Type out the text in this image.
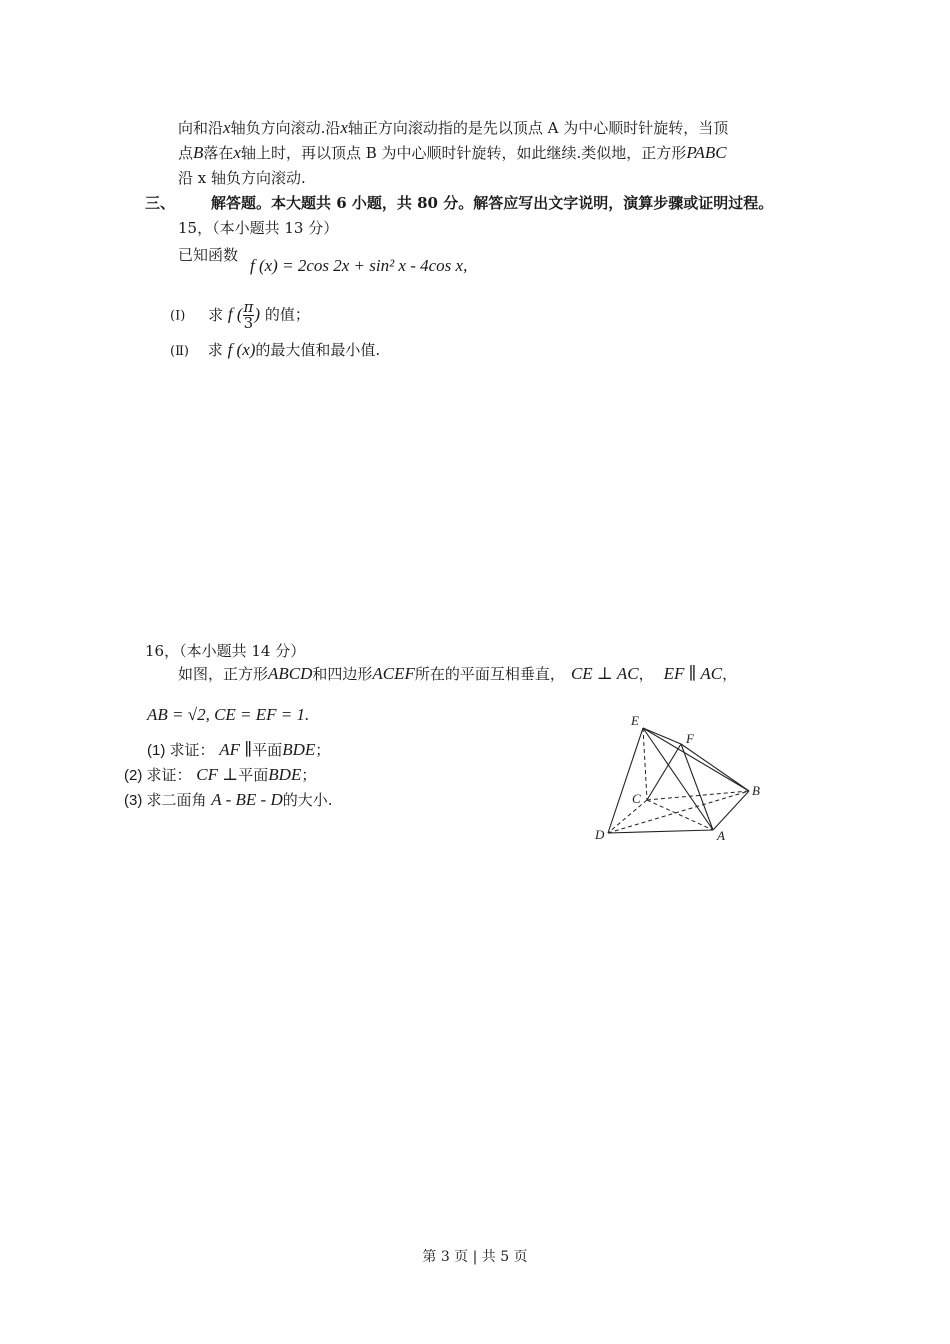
向和沿x轴负方向滚动.沿x轴正方向滚动指的是先以顶点 A 为中心顺时针旋转，当顶
点B落在x轴上时，再以顶点 B 为中心顺时针旋转，如此继续.类似地，正方形PABC
沿 x 轴负方向滚动.
三、 解答题。本大题共 6 小题，共 80 分。解答应写出文字说明，演算步骤或证明过程。
15，（本小题共 13 分）
已知函数
f (x) = 2cos 2x + sin² x - 4cos x,
(Ⅰ) 求 f ( $\frac{\pi}{3}$ ) 的值；
(Ⅱ) 求 f (x)的最大值和最小值.
16，（本小题共 14 分）
如图，正方形ABCD和四边形ACEF所在的平面互相垂直， CE ⊥ AC， EF ∥ AC，
AB = √2, CE = EF = 1.
(1) 求证： AF ∥平面BDE；
(2) 求证： CF ⊥平面BDE；
(3) 求二面角 A - BE - D的大小.
E
F
C
B
D	A
第 3 页 | 共 5 页
